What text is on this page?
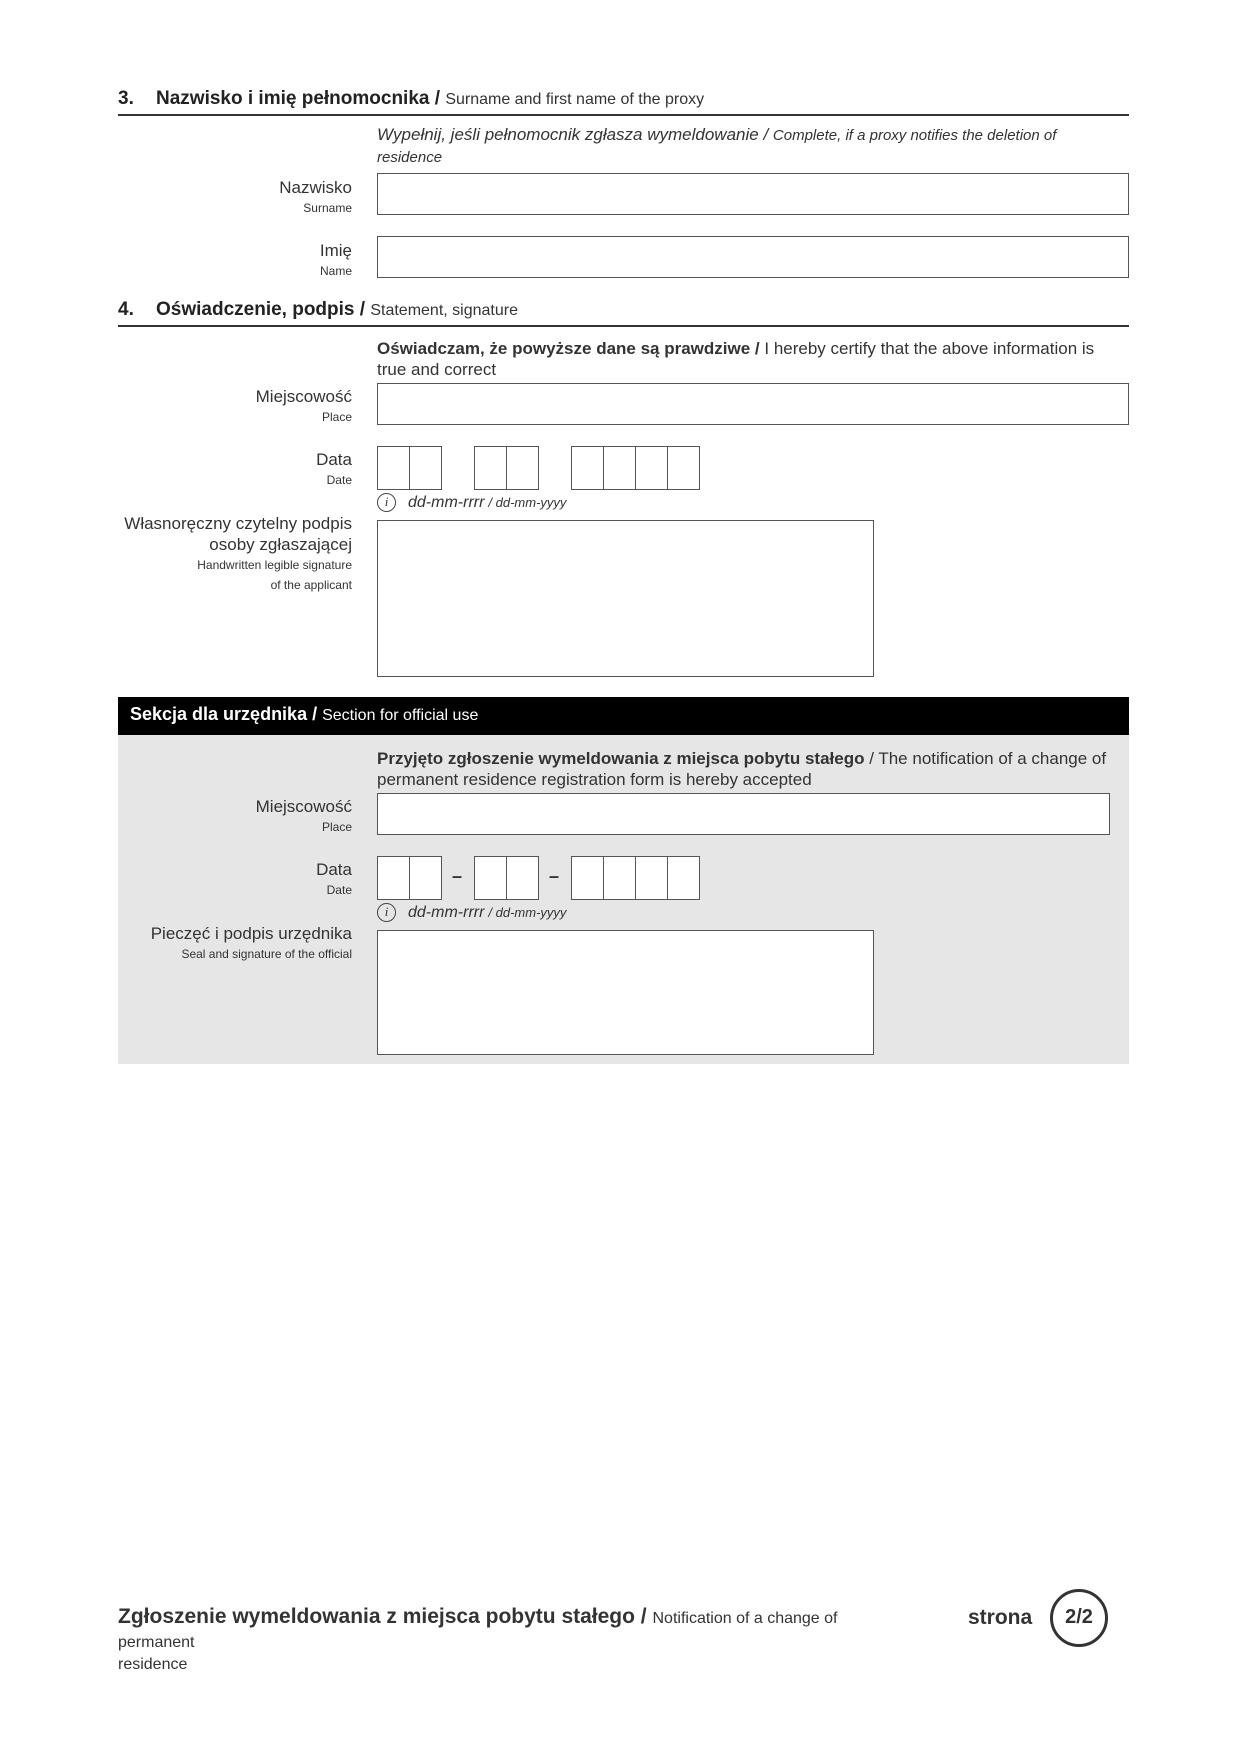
3. Nazwisko i imię pełnomocnika / Surname and first name of the proxy
Wypełnij, jeśli pełnomocnik zgłasza wymeldowanie / Complete, if a proxy notifies the deletion of residence
Nazwisko
Surname
Imię
Name
4. Oświadczenie, podpis / Statement, signature
Oświadczam, że powyższe dane są prawdziwe / I hereby certify that the above information is true and correct
Miejscowość
Place
Data
Date
i	dd-mm-rrrr / dd-mm-yyyy
Własnoręczny czytelny podpis
osoby zgłaszającej
Handwritten legible signature
of the applicant
Sekcja dla urzędnika / Section for official use
Przyjęto zgłoszenie wymeldowania z miejsca pobytu stałego / The notification of a change of permanent residence registration form is hereby accepted
Miejscowość
Place
Data
Date
–	–
i	dd-mm-rrrr / dd-mm-yyyy
Pieczęć i podpis urzędnika
Seal and signature of the official
Zgłoszenie wymeldowania z miejsca pobytu stałego / Notification of a change of permanent
residence
strona	2/2
